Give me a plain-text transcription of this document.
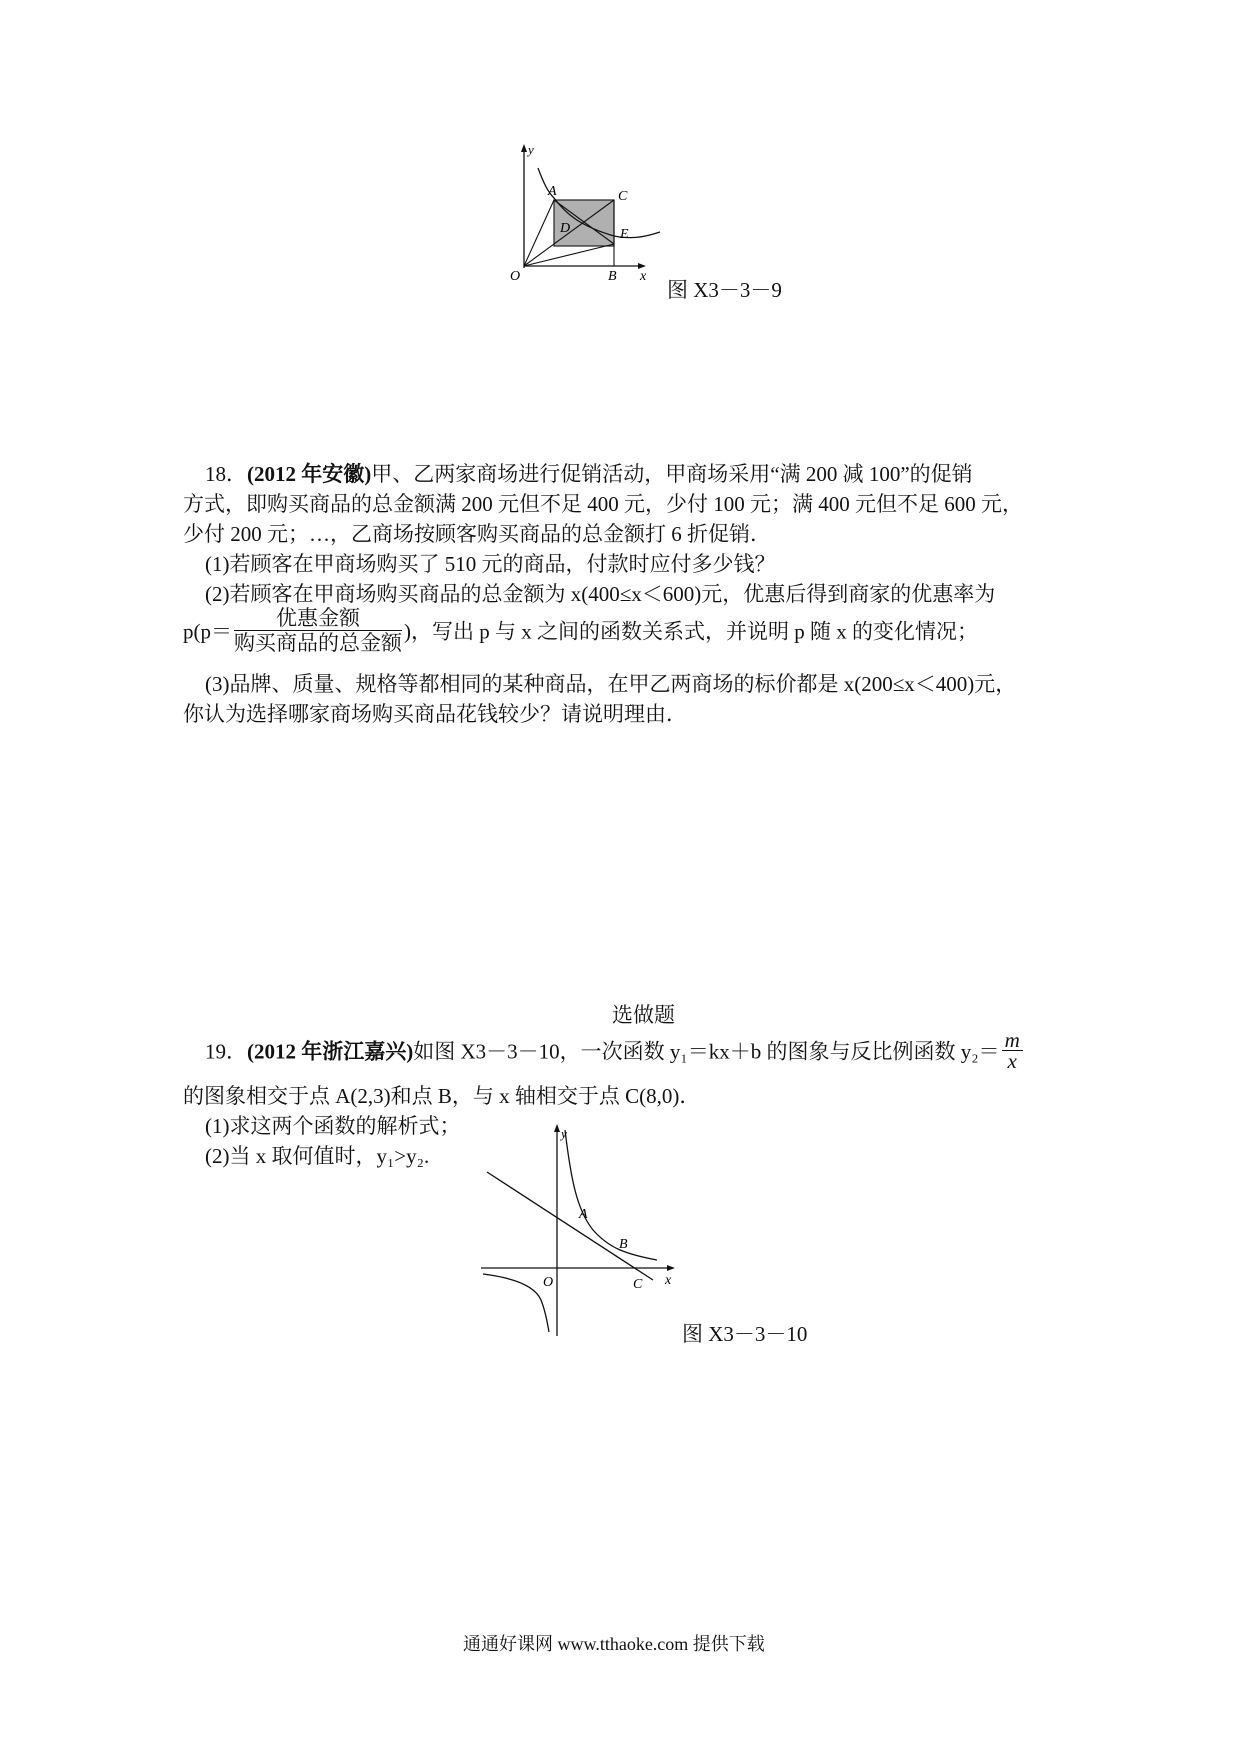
y
A	C
D	E
O	B x
图 X3－3－9
18．(2012 年安徽)甲、乙两家商场进行促销活动，甲商场采用“满 200 减 100”的促销
方式，即购买商品的总金额满 200 元但不足 400 元，少付 100 元；满 400 元但不足 600 元，
少付 200 元；…，乙商场按顾客购买商品的总金额打 6 折促销．
(1)若顾客在甲商场购买了 510 元的商品，付款时应付多少钱？
(2)若顾客在甲商场购买商品的总金额为 x(400≤x＜600)元，优惠后得到商家的优惠率为
$p(p= \frac{\text{优惠金额}}{\text{购买商品的总金额}}$ )，写出 p 与 x 之间的函数关系式，并说明 p 随 x 的变化情况；
(3)品牌、质量、规格等都相同的某种商品，在甲乙两商场的标价都是 x(200≤x＜400)元，
你认为选择哪家商场购买商品花钱较少？请说明理由．
选做题
19．(2012 年浙江嘉兴)如图 X3－3－10，一次函数 y₁＝kx＋b 的图象与反比例函数 $y_2= \frac{m}{x}$
的图象相交于点 A(2,3)和点 B，与 x 轴相交于点 C(8,0)．
(1)求这两个函数的解析式；
(2)当 x 取何值时，y₁>y₂.
y
A
B
O	C x
图 X3－3－10
通通好课网 www.tthaoke.com 提供下载
